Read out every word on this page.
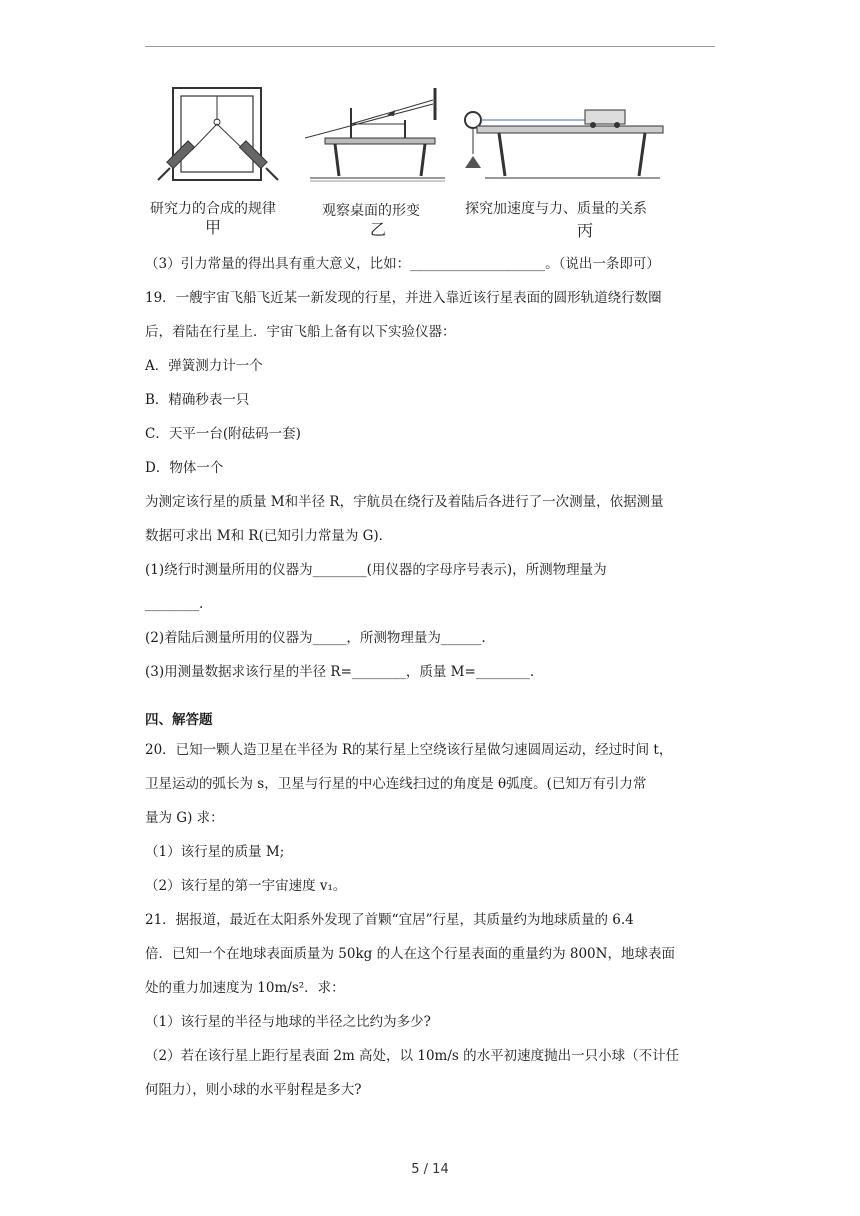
研究力的合成的规律
甲
观察桌面的形变
乙
探究加速度与力、质量的关系
丙
（3）引力常量的得出具有重大意义，比如：____________________。（说出一条即可）
19．一艘宇宙飞船飞近某一新发现的行星，并进入靠近该行星表面的圆形轨道绕行数圈
后，着陆在行星上．宇宙飞船上备有以下实验仪器：
A．弹簧测力计一个
B．精确秒表一只
C．天平一台(附砝码一套)
D．物体一个
为测定该行星的质量 M和半径 R，宇航员在绕行及着陆后各进行了一次测量，依据测量
数据可求出 M和 R(已知引力常量为 G)．
(1)绕行时测量所用的仪器为________(用仪器的字母序号表示)，所测物理量为
________.
(2)着陆后测量所用的仪器为_____，所测物理量为______.
(3)用测量数据求该行星的半径 R=________，质量 M=________.
四、解答题
20．已知一颗人造卫星在半径为 R的某行星上空绕该行星做匀速圆周运动，经过时间 t，
卫星运动的弧长为 s，卫星与行星的中心连线扫过的角度是 θ弧度。(已知万有引力常
量为 G) 求：
（1）该行星的质量 M;
（2）该行星的第一宇宙速度 v₁。
21．据报道，最近在太阳系外发现了首颗“宜居”行星，其质量约为地球质量的 6.4
倍．已知一个在地球表面质量为 50kg 的人在这个行星表面的重量约为 800N，地球表面
处的重力加速度为 10m/s²．求：
（1）该行星的半径与地球的半径之比约为多少?
（2）若在该行星上距行星表面 2m 高处，以 10m/s 的水平初速度抛出一只小球（不计任
何阻力），则小球的水平射程是多大?
5 / 14
